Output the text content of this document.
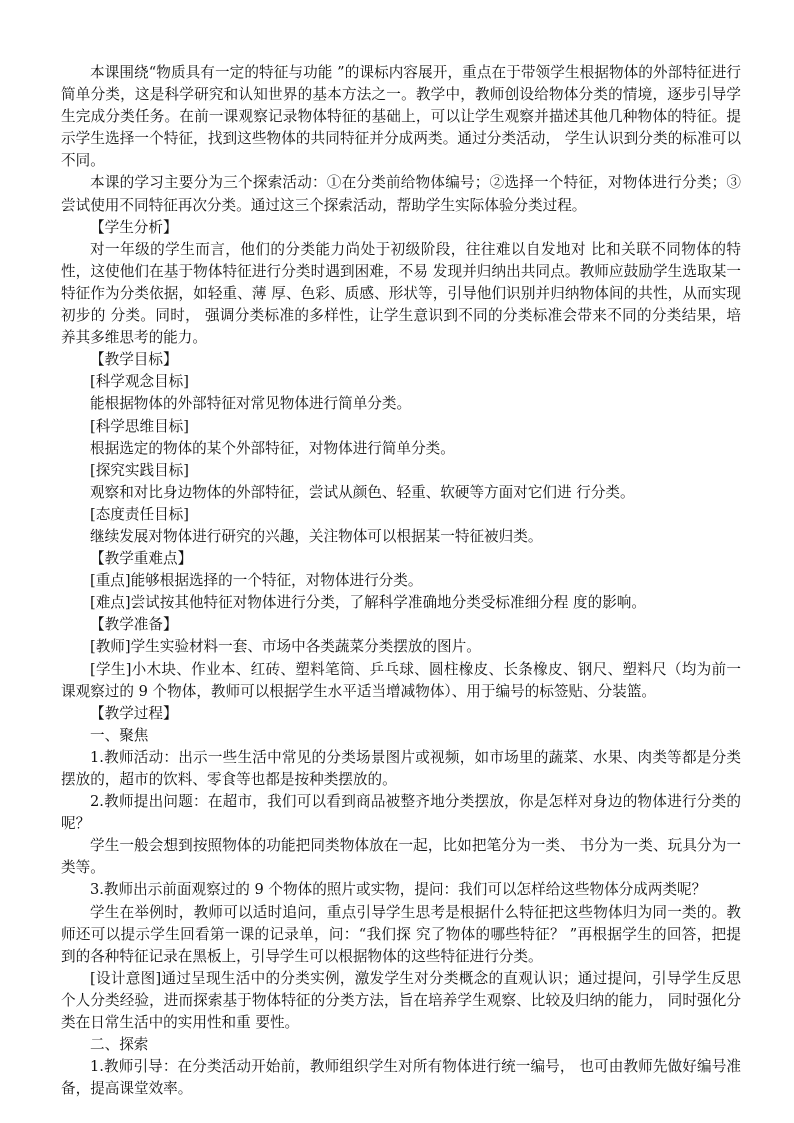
本课围绕“物质具有一定的特征与功能 ”的课标内容展开，重点在于带领学生根据物体的外部特征进行简单分类，这是科学研究和认知世界的基本方法之一。教学中，教师创设给物体分类的情境，逐步引导学生完成分类任务。在前一课观察记录物体特征的基础上，可以让学生观察并描述其他几种物体的特征。提示学生选择一个特征，找到这些物体的共同特征并分成两类。通过分类活动， 学生认识到分类的标准可以不同。

本课的学习主要分为三个探索活动：①在分类前给物体编号；②选择一个特征，对物体进行分类；③尝试使用不同特征再次分类。通过这三个探索活动，帮助学生实际体验分类过程。

【学生分析】

对一年级的学生而言，他们的分类能力尚处于初级阶段，往往难以自发地对 比和关联不同物体的特性，这使他们在基于物体特征进行分类时遇到困难，不易 发现并归纳出共同点。教师应鼓励学生选取某一特征作为分类依据，如轻重、薄 厚、色彩、质感、形状等，引导他们识别并归纳物体间的共性，从而实现初步的 分类。同时， 强调分类标准的多样性，让学生意识到不同的分类标准会带来不同的分类结果，培养其多维思考的能力。

【教学目标】

[科学观念目标]

能根据物体的外部特征对常见物体进行简单分类。

[科学思维目标]

根据选定的物体的某个外部特征，对物体进行简单分类。

[探究实践目标]

观察和对比身边物体的外部特征，尝试从颜色、轻重、软硬等方面对它们进 行分类。

[态度责任目标]

继续发展对物体进行研究的兴趣，关注物体可以根据某一特征被归类。

【教学重难点】

[重点]能够根据选择的一个特征，对物体进行分类。

[难点]尝试按其他特征对物体进行分类，了解科学准确地分类受标准细分程 度的影响。

【教学准备】

[教师]学生实验材料一套、市场中各类蔬菜分类摆放的图片。

[学生]小木块、作业本、红砖、塑料笔筒、乒乓球、圆柱橡皮、长条橡皮、钢尺、塑料尺（均为前一课观察过的 9 个物体，教师可以根据学生水平适当增减物体）、用于编号的标签贴、分装篮。

【教学过程】

一、聚焦

1.教师活动：出示一些生活中常见的分类场景图片或视频，如市场里的蔬菜、水果、肉类等都是分类摆放的，超市的饮料、零食等也都是按种类摆放的。

2.教师提出问题：在超市，我们可以看到商品被整齐地分类摆放，你是怎样对身边的物体进行分类的呢？

学生一般会想到按照物体的功能把同类物体放在一起，比如把笔分为一类、 书分为一类、玩具分为一类等。

3.教师出示前面观察过的 9 个物体的照片或实物，提问：我们可以怎样给这些物体分成两类呢？

学生在举例时，教师可以适时追问，重点引导学生思考是根据什么特征把这些物体归为同一类的。教师还可以提示学生回看第一课的记录单，问：“我们探 究了物体的哪些特征？ ”再根据学生的回答，把提到的各种特征记录在黑板上，引导学生可以根据物体的这些特征进行分类。

[设计意图]通过呈现生活中的分类实例，激发学生对分类概念的直观认识；通过提问，引导学生反思个人分类经验，进而探索基于物体特征的分类方法，旨在培养学生观察、比较及归纳的能力， 同时强化分类在日常生活中的实用性和重 要性。

二、探索

1.教师引导：在分类活动开始前，教师组织学生对所有物体进行统一编号， 也可由教师先做好编号准备，提高课堂效率。
